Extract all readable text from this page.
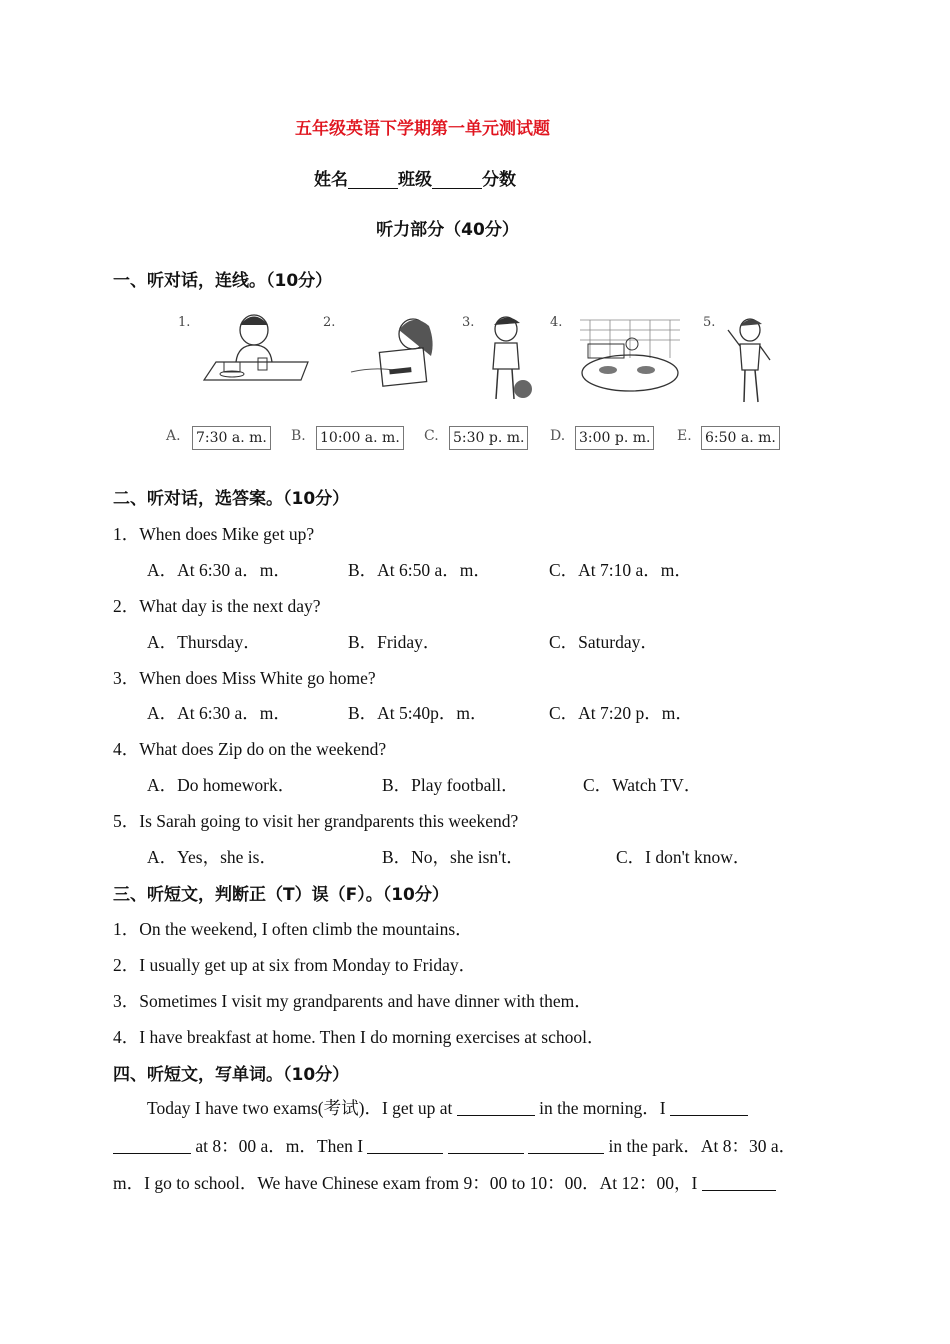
五年级英语下学期第一单元测试题
姓名	班级	分数
听力部分（40分）
一、听对话，连线。（10分）
1.	2.	3.	4.	5.
A. 7:30 a. m. B. 10:00 a. m. C. 5:30 p. m. D. 3:00 p. m. E. 6:50 a. m.
二、听对话，选答案。（10分）
1．When does Mike get up?
A．At 6:30 a．m．	B．At 6:50 a．m．	C．At 7:10 a．m．
2．What day is the next day?
A．Thursday．	B．Friday．	C．Saturday．
3．When does Miss White go home?
A．At 6:30 a．m．	B．At 5:40p．m．	C．At 7:20 p．m．
4．What does Zip do on the weekend?
A．Do homework．	B．Play football．	C．Watch TV．
5．Is Sarah going to visit her grandparents this weekend?
A．Yes，she is．	B．No，she isn't．	C．I don't know．
三、听短文，判断正（T）误（F）。（10分）
1．On the weekend, I often climb the mountains．
2．I usually get up at six from Monday to Friday．
3．Sometimes I visit my grandparents and have dinner with them．
4．I have breakfast at home. Then I do morning exercises at school．
四、听短文，写单词。（10分）
Today I have two exams(考试)．I get up at	in the morning．I
at 8：00 a．m．Then I	in the park．At 8：30 a．
m．I go to school．We have Chinese exam from 9：00 to 10：00．At 12：00，I
